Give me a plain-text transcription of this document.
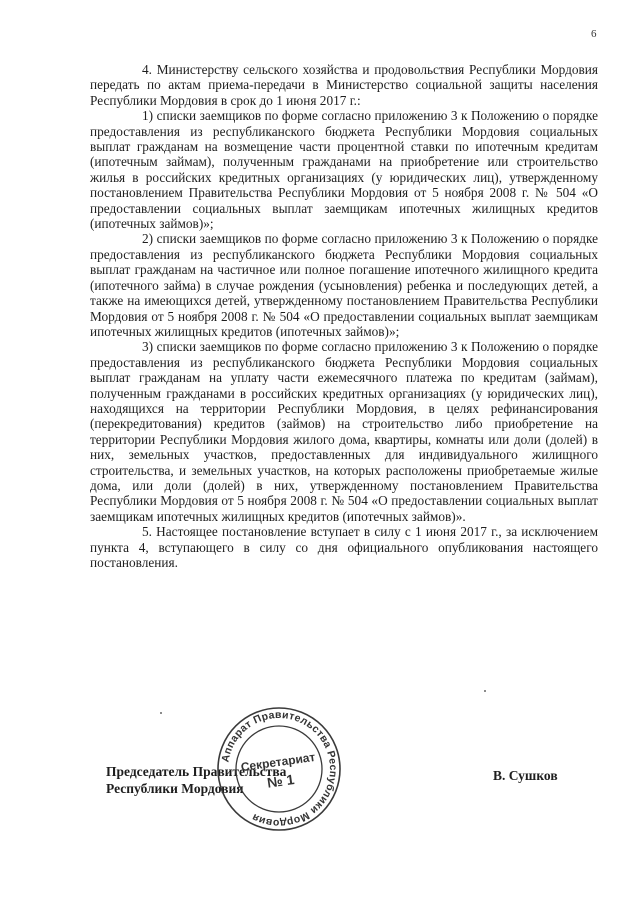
6

4. Министерству сельского хозяйства и продовольствия Республики Мордовия передать по актам приема-передачи в Министерство социальной защиты населения Республики Мордовия в срок до 1 июня 2017 г.:

1) списки заемщиков по форме согласно приложению 3 к Положению о порядке предоставления из республиканского бюджета Республики Мордовия социальных выплат гражданам на возмещение части процентной ставки по ипотечным кредитам (ипотечным займам), полученным гражданами на приобретение или строительство жилья в российских кредитных организациях (у юридических лиц), утвержденному постановлением Правительства Республики Мордовия от 5 ноября 2008 г. № 504 «О предоставлении социальных выплат заемщикам ипотечных жилищных кредитов (ипотечных займов)»;

2) списки заемщиков по форме согласно приложению 3 к Положению о порядке предоставления из республиканского бюджета Республики Мордовия социальных выплат гражданам на частичное или полное погашение ипотечного жилищного кредита (ипотечного займа) в случае рождения (усыновления) ребенка и последующих детей, а также на имеющихся детей, утвержденному постановлением Правительства Республики Мордовия от 5 ноября 2008 г. № 504 «О предоставлении социальных выплат заемщикам ипотечных жилищных кредитов (ипотечных займов)»;

3) списки заемщиков по форме согласно приложению 3 к Положению о порядке предоставления из республиканского бюджета Республики Мордовия социальных выплат гражданам на уплату части ежемесячного платежа по кредитам (займам), полученным гражданами в российских кредитных организациях (у юридических лиц), находящихся на территории Республики Мордовия, в целях рефинансирования (перекредитования) кредитов (займов) на строительство либо приобретение на территории Республики Мордовия жилого дома, квартиры, комнаты или доли (долей) в них, земельных участков, предоставленных для индивидуального жилищного строительства, и земельных участков, на которых расположены приобретаемые жилые дома, или доли (долей) в них, утвержденному постановлением Правительства Республики Мордовия от 5 ноября 2008 г. № 504 «О предоставлении социальных выплат заемщикам ипотечных жилищных кредитов (ипотечных займов)».

5. Настоящее постановление вступает в силу с 1 июня 2017 г., за исключением пункта 4, вступающего в силу со дня официального опубликования настоящего постановления.

Председатель Правительства
Республики Мордовия
В. Сушков
Аппарат Правительства Республики Мордовия
Секретариат
№ 1
